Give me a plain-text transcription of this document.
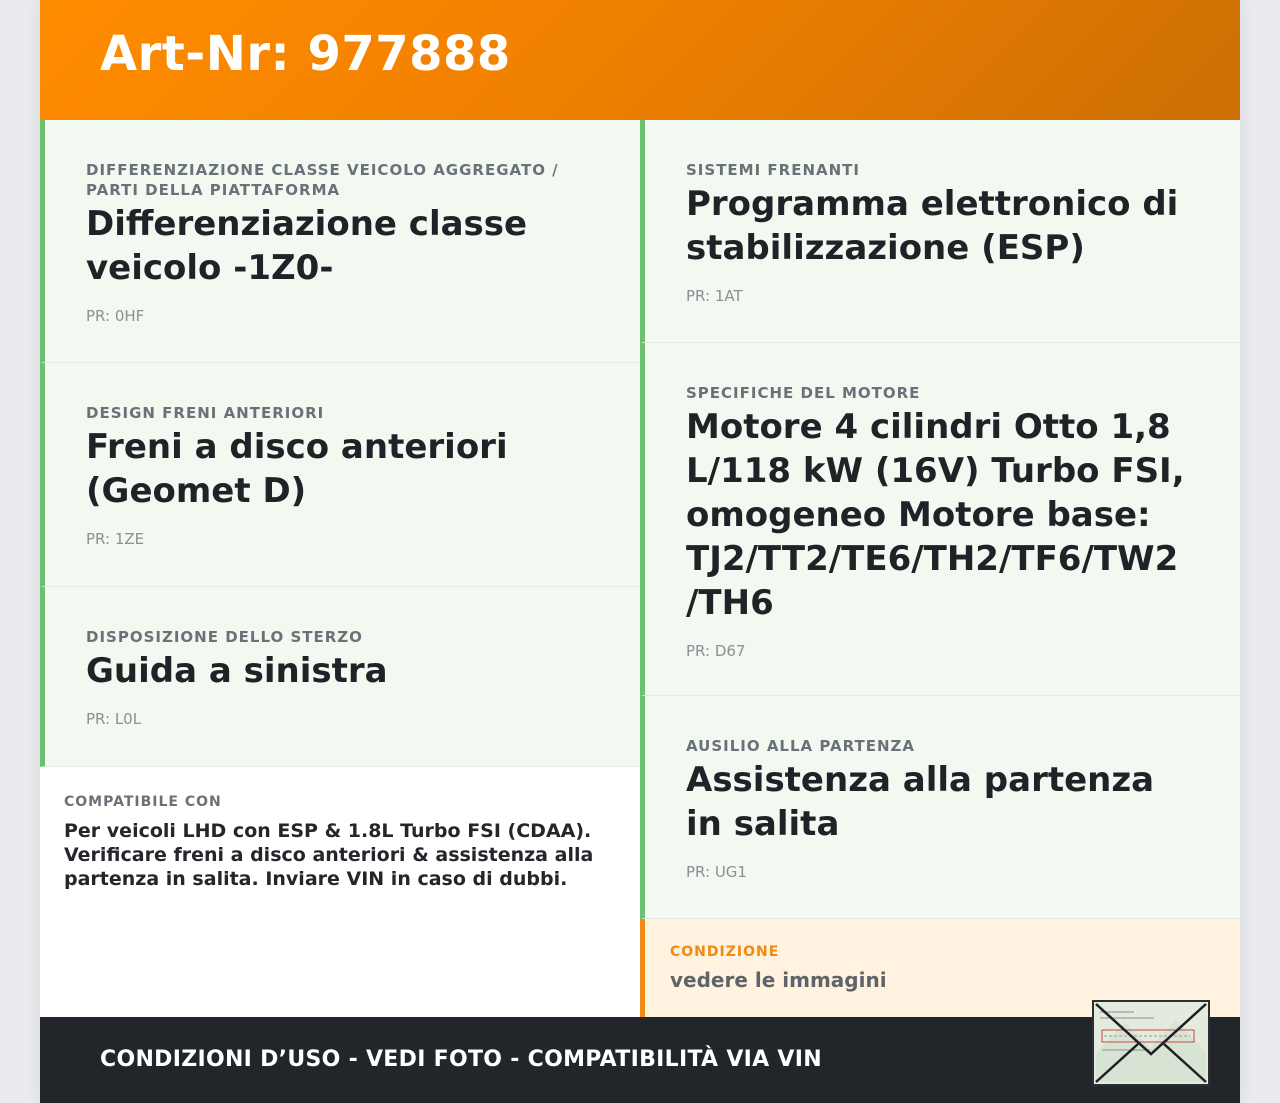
Art-Nr: 977888
DIFFERENZIAZIONE CLASSE VEICOLO AGGREGATO / PARTI DELLA PIATTAFORMA
Differenziazione classe veicolo -1Z0-
PR: 0HF
DESIGN FRENI ANTERIORI
Freni a disco anteriori (Geomet D)
PR: 1ZE
DISPOSIZIONE DELLO STERZO
Guida a sinistra
PR: L0L
COMPATIBILE CON
Per veicoli LHD con ESP & 1.8L Turbo FSI (CDAA). Verificare freni a disco anteriori & assistenza alla partenza in salita. Inviare VIN in caso di dubbi.
SISTEMI FRENANTI
Programma elettronico di stabilizzazione (ESP)
PR: 1AT
SPECIFICHE DEL MOTORE
Motore 4 cilindri Otto 1,8 L/118 kW (16V) Turbo FSI, omogeneo Motore base: TJ2/TT2/TE6/TH2/TF6/TW2 /TH6
PR: D67
AUSILIO ALLA PARTENZA
Assistenza alla partenza in salita
PR: UG1
CONDIZIONE
vedere le immagini
CONDIZIONI D’USO - VEDI FOTO - COMPATIBILITÀ VIA VIN
